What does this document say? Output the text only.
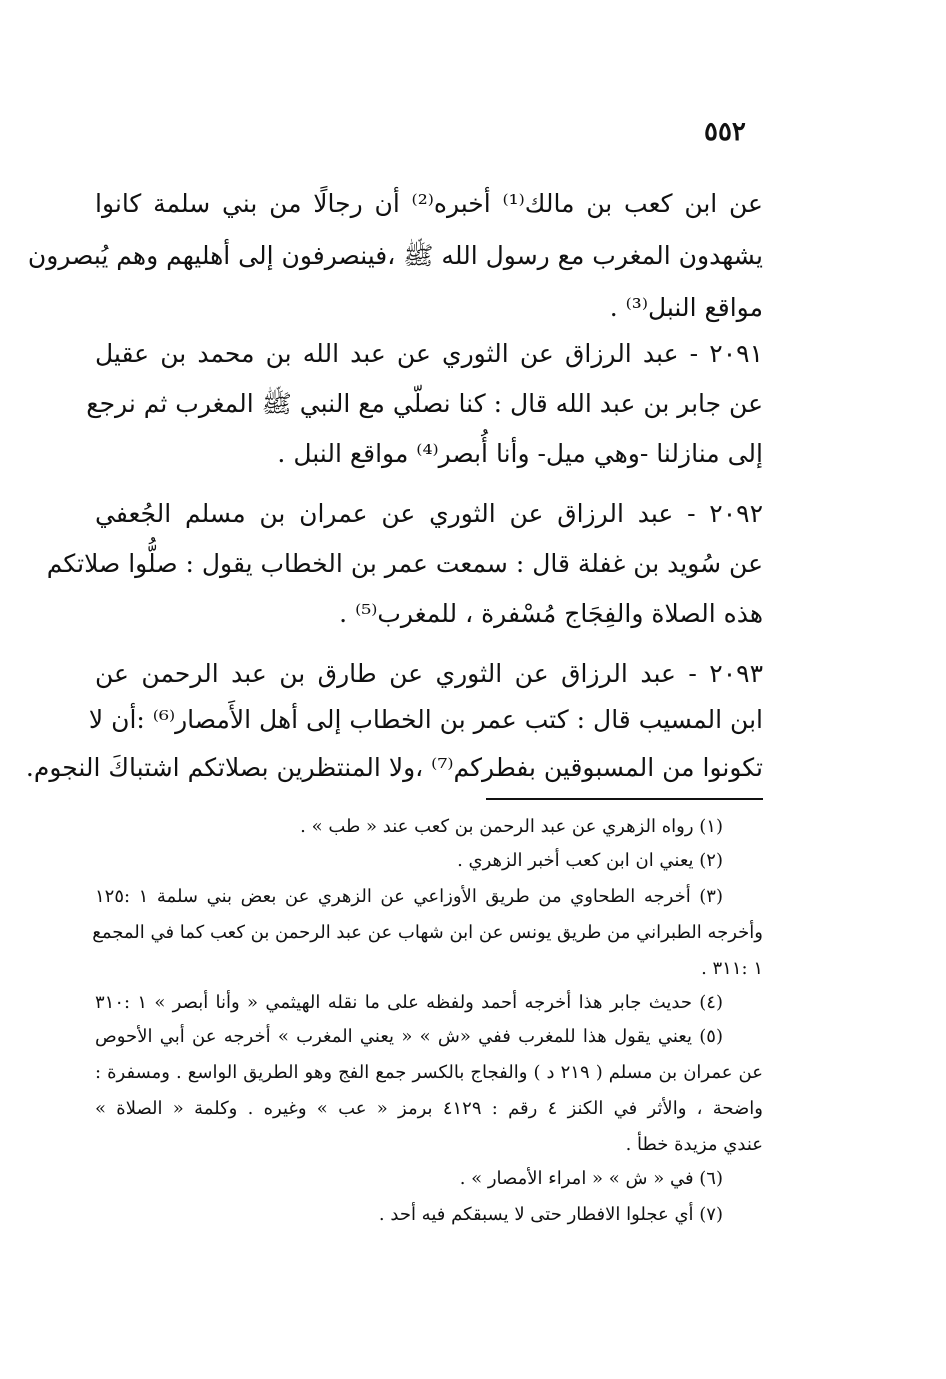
٥٥٢
عن ابن كعب بن مالك⁽¹⁾ أخبره⁽²⁾ أن رجالًا من بني سلمة كانوا
يشهدون المغرب مع رسول الله ﷺ ،فينصرفون إلى أهليهم وهم يُبصرون
مواقع النبل⁽³⁾ .
٢٠٩١ - عبد الرزاق عن الثوري عن عبد الله بن محمد بن عقيل
عن جابر بن عبد الله قال : كنا نصلّي مع النبي ﷺ المغرب ثم نرجع
إلى منازلنا -وهي ميل- وأنا أُبصر⁽⁴⁾ مواقع النبل .
٢٠٩٢ - عبد الرزاق عن الثوري عن عمران بن مسلم الجُعفي
عن سُويد بن غفلة قال : سمعت عمر بن الخطاب يقول : صلُّوا صلاتكم
هذه الصلاة والفِجَاج مُسْفرة ، للمغرب⁽⁵⁾ .
٢٠٩٣ - عبد الرزاق عن الثوري عن طارق بن عبد الرحمن عن
ابن المسيب قال : كتب عمر بن الخطاب إلى أهل الأَمصار⁽⁶⁾ :أن لا
تكونوا من المسبوقين بفطركم⁽⁷⁾ ،ولا المنتظرين بصلاتكم اشتباكَ النجوم.
(١) رواه الزهري عن عبد الرحمن بن كعب عند « طب » .
(٢) يعني ان ابن كعب أخبر الزهري .
(٣) أخرجه الطحاوي من طريق الأوزاعي عن الزهري عن بعض بني سلمة ١ :١٢٥
وأخرجه الطبراني من طريق يونس عن ابن شهاب عن عبد الرحمن بن كعب كما في المجمع
١ :٣١١ .
(٤) حديث جابر هذا أخرجه أحمد ولفظه على ما نقله الهيثمي « وأنا أبصر » ١ :٣١٠
(٥) يعني يقول هذا للمغرب ففي «ش » « يعني المغرب » أخرجه عن أبي الأحوص
عن عمران بن مسلم ( ٢١٩ د ) والفجاج بالكسر جمع الفج وهو الطريق الواسع . ومسفرة :
واضحة ، والأثر في الكنز ٤ رقم : ٤١٢٩ برمز « عب » وغيره . وكلمة « الصلاة »
عندي مزيدة خطأ .
(٦) في « ش » « امراء الأمصار » .
(٧) أي عجلوا الافطار حتى لا يسبقكم فيه أحد .
